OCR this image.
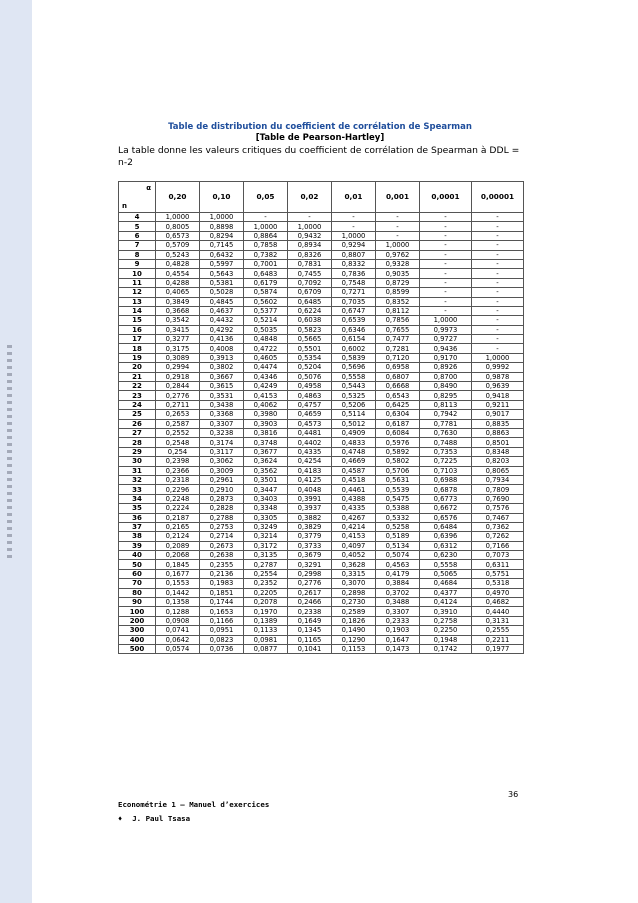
Table de distribution du coefficient de corrélation de Spearman
[Table de Pearson-Hartley]
La table donne les valeurs critiques du coefficient de corrélation de Spearman à DDL = n-2
α
n	0,20	0,10	0,05	0,02	0,01	0,001	0,0001	0,00001
4	1,0000	1,0000	-	-	-	-	-	-
5	0,8005	0,8898	1,0000	1,0000	-	-	-	-
6	0,6573	0,8294	0,8864	0,9432	1,0000	-	-	-
7	0,5709	0,7145	0,7858	0,8934	0,9294	1,0000	-	-
8	0,5243	0,6432	0,7382	0,8326	0,8807	0,9762	-	-
9	0,4828	0,5997	0,7001	0,7831	0,8332	0,9328	-	-
10	0,4554	0,5643	0,6483	0,7455	0,7836	0,9035	-	-
11	0,4288	0,5381	0,6179	0,7092	0,7548	0,8729	-	-
12	0,4065	0,5028	0,5874	0,6709	0,7271	0,8599	-	-
13	0,3849	0,4845	0,5602	0,6485	0,7035	0,8352	-	-
14	0,3668	0,4637	0,5377	0,6224	0,6747	0,8112	-	-
15	0,3542	0,4432	0,5214	0,6038	0,6539	0,7856	1,0000	-
16	0,3415	0,4292	0,5035	0,5823	0,6346	0,7655	0,9973	-
17	0,3277	0,4136	0,4848	0,5665	0,6154	0,7477	0,9727	-
18	0,3175	0,4008	0,4722	0,5501	0,6002	0,7281	0,9436	-
19	0,3089	0,3913	0,4605	0,5354	0,5839	0,7120	0,9170	1,0000
20	0,2994	0,3802	0,4474	0,5204	0,5696	0,6958	0,8926	0,9992
21	0,2918	0,3667	0,4346	0,5076	0,5558	0,6807	0,8700	0,9878
22	0,2844	0,3615	0,4249	0,4958	0,5443	0,6668	0,8490	0,9639
23	0,2776	0,3531	0,4153	0,4863	0,5325	0,6543	0,8295	0,9418
24	0,2711	0,3438	0,4062	0,4757	0,5206	0,6425	0,8113	0,9211
25	0,2653	0,3368	0,3980	0,4659	0,5114	0,6304	0,7942	0,9017
26	0,2587	0,3307	0,3903	0,4573	0,5012	0,6187	0,7781	0,8835
27	0,2552	0,3238	0,3816	0,4481	0,4909	0,6084	0,7630	0,8863
28	0,2548	0,3174	0,3748	0,4402	0,4833	0,5976	0,7488	0,8501
29	0,254	0,3117	0,3677	0,4335	0,4748	0,5892	0,7353	0,8348
30	0,2398	0,3062	0,3624	0,4254	0,4669	0,5802	0,7225	0,8203
31	0,2366	0,3009	0,3562	0,4183	0,4587	0,5706	0,7103	0,8065
32	0,2318	0,2961	0,3501	0,4125	0,4518	0,5631	0,6988	0,7934
33	0,2296	0,2910	0,3447	0,4048	0,4461	0,5539	0,6878	0,7809
34	0,2248	0,2873	0,3403	0,3991	0,4388	0,5475	0,6773	0,7690
35	0,2224	0,2828	0,3348	0,3937	0,4335	0,5388	0,6672	0,7576
36	0,2187	0,2788	0,3305	0,3882	0,4267	0,5332	0,6576	0,7467
37	0,2165	0,2753	0,3249	0,3829	0,4214	0,5258	0,6484	0,7362
38	0,2124	0,2714	0,3214	0,3779	0,4153	0,5189	0,6396	0,7262
39	0,2089	0,2673	0,3172	0,3733	0,4097	0,5134	0,6312	0,7166
40	0,2068	0,2638	0,3135	0,3679	0,4052	0,5074	0,6230	0,7073
50	0,1845	0,2355	0,2787	0,3291	0,3628	0,4563	0,5558	0,6311
60	0,1677	0,2136	0,2554	0,2998	0,3315	0,4179	0,5065	0,5751
70	0,1553	0,1983	0,2352	0,2776	0,3070	0,3884	0,4684	0,5318
80	0,1442	0,1851	0,2205	0,2617	0,2898	0,3702	0,4377	0,4970
90	0,1358	0,1744	0,2078	0,2466	0,2730	0,3488	0,4124	0,4682
100	0,1288	0,1653	0,1970	0,2338	0,2589	0,3307	0,3910	0,4440
200	0,0908	0,1166	0,1389	0,1649	0,1826	0,2333	0,2758	0,3131
300	0,0741	0,0951	0,1133	0,1345	0,1490	0,1903	0,2250	0,2555
400	0,0642	0,0823	0,0981	0,1165	0,1290	0,1647	0,1948	0,2211
500	0,0574	0,0736	0,0877	0,1041	0,1153	0,1473	0,1742	0,1977
36
Econométrie 1 – Manuel d’exercices
♦ J. Paul Tsasa
